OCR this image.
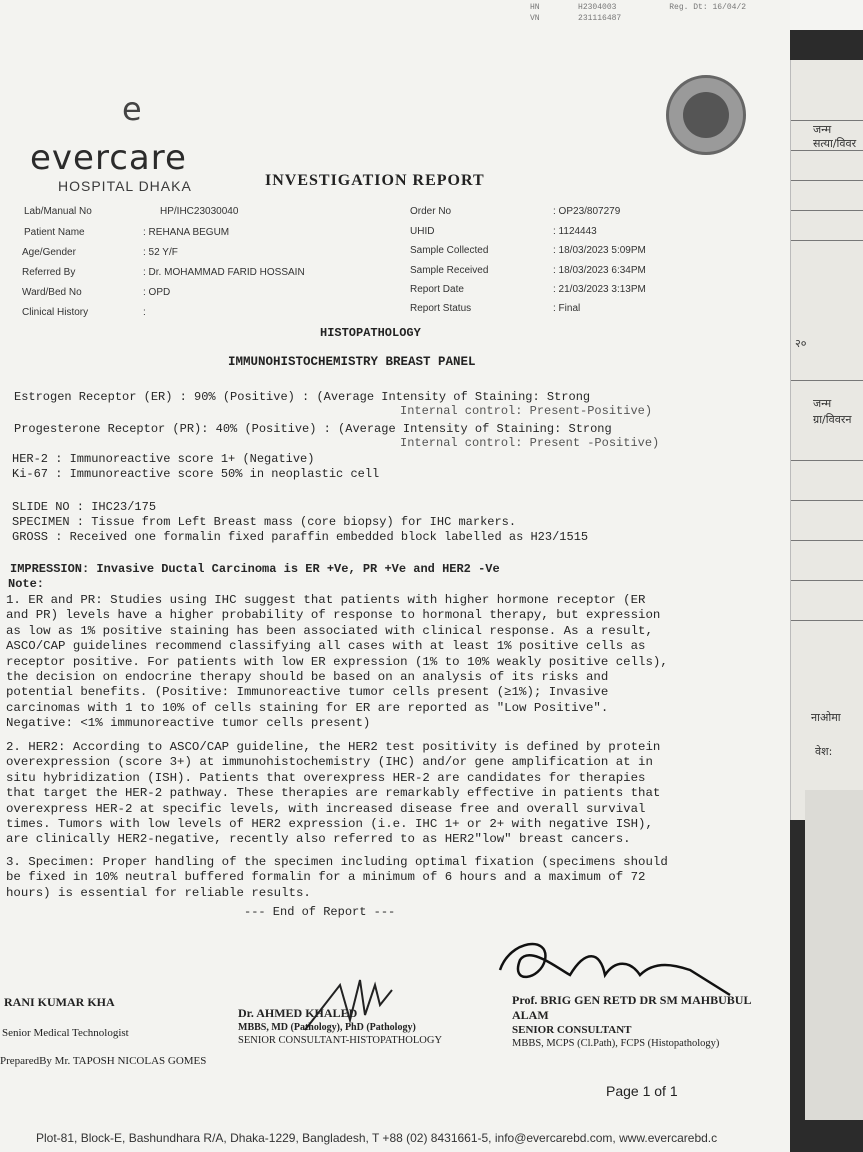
जन्म
सत्या/विवर
२०
जन्म
ग्रा/विवरन
नाओमा
वेश:
HN	H2304003	Reg. Dt: 16/04/2
VN	231116487
e
evercare
HOSPITAL DHAKA	INVESTIGATION REPORT
Lab/Manual No	HP/IHC23030040
Patient Name	: REHANA BEGUM
Age/Gender	: 52 Y/F
Referred By	: Dr. MOHAMMAD FARID HOSSAIN
Ward/Bed No	: OPD
Clinical History	:
Order No	: OP23/807279
UHID	: 1124443
Sample Collected	: 18/03/2023 5:09PM
Sample Received	: 18/03/2023 6:34PM
Report Date	: 21/03/2023 3:13PM
Report Status	: Final
HISTOPATHOLOGY
IMMUNOHISTOCHEMISTRY BREAST PANEL
Estrogen Receptor (ER) : 90% (Positive) : (Average Intensity of Staining: Strong
Internal control: Present-Positive)
Progesterone Receptor (PR): 40% (Positive) : (Average Intensity of Staining: Strong
Internal control: Present -Positive)
HER-2 : Immunoreactive score 1+ (Negative)
Ki-67 : Immunoreactive score 50% in neoplastic cell
SLIDE NO : IHC23/175
SPECIMEN : Tissue from Left Breast mass (core biopsy) for IHC markers.
GROSS : Received one formalin fixed paraffin embedded block labelled as H23/1515
IMPRESSION: Invasive Ductal Carcinoma is ER +Ve, PR +Ve and HER2 -Ve
Note:
1. ER and PR: Studies using IHC suggest that patients with higher hormone receptor (ER
and PR) levels have a higher probability of response to hormonal therapy, but expression
as low as 1% positive staining has been associated with clinical response. As a result,
ASCO/CAP guidelines recommend classifying all cases with at least 1% positive cells as
receptor positive. For patients with low ER expression (1% to 10% weakly positive cells),
the decision on endocrine therapy should be based on an analysis of its risks and
potential benefits. (Positive: Immunoreactive tumor cells present (≥1%); Invasive
carcinomas with 1 to 10% of cells staining for ER are reported as "Low Positive".
Negative: <1% immunoreactive tumor cells present)
2. HER2: According to ASCO/CAP guideline, the HER2 test positivity is defined by protein
overexpression (score 3+) at immunohistochemistry (IHC) and/or gene amplification at in
situ hybridization (ISH). Patients that overexpress HER-2 are candidates for therapies
that target the HER-2 pathway. These therapies are remarkably effective in patients that
overexpress HER-2 at specific levels, with increased disease free and overall survival
times. Tumors with low levels of HER2 expression (i.e. IHC 1+ or 2+ with negative ISH),
are clinically HER2-negative, recently also referred to as HER2"low" breast cancers.
3. Specimen: Proper handling of the specimen including optimal fixation (specimens should
be fixed in 10% neutral buffered formalin for a minimum of 6 hours and a maximum of 72
hours) is essential for reliable results.
--- End of Report ---
RANI KUMAR KHA
Senior Medical Technologist
PreparedBy Mr. TAPOSH NICOLAS GOMES
Dr. AHMED KHALED
MBBS, MD (Pathology), PhD (Pathology)
SENIOR CONSULTANT-HISTOPATHOLOGY
Prof. BRIG GEN RETD DR SM MAHBUBUL
ALAM
SENIOR CONSULTANT
MBBS, MCPS (Cl.Path), FCPS (Histopathology)
Page 1 of 1
Plot-81, Block-E, Bashundhara R/A, Dhaka-1229, Bangladesh, T +88 (02) 8431661-5, info@evercarebd.com, www.evercarebd.c
